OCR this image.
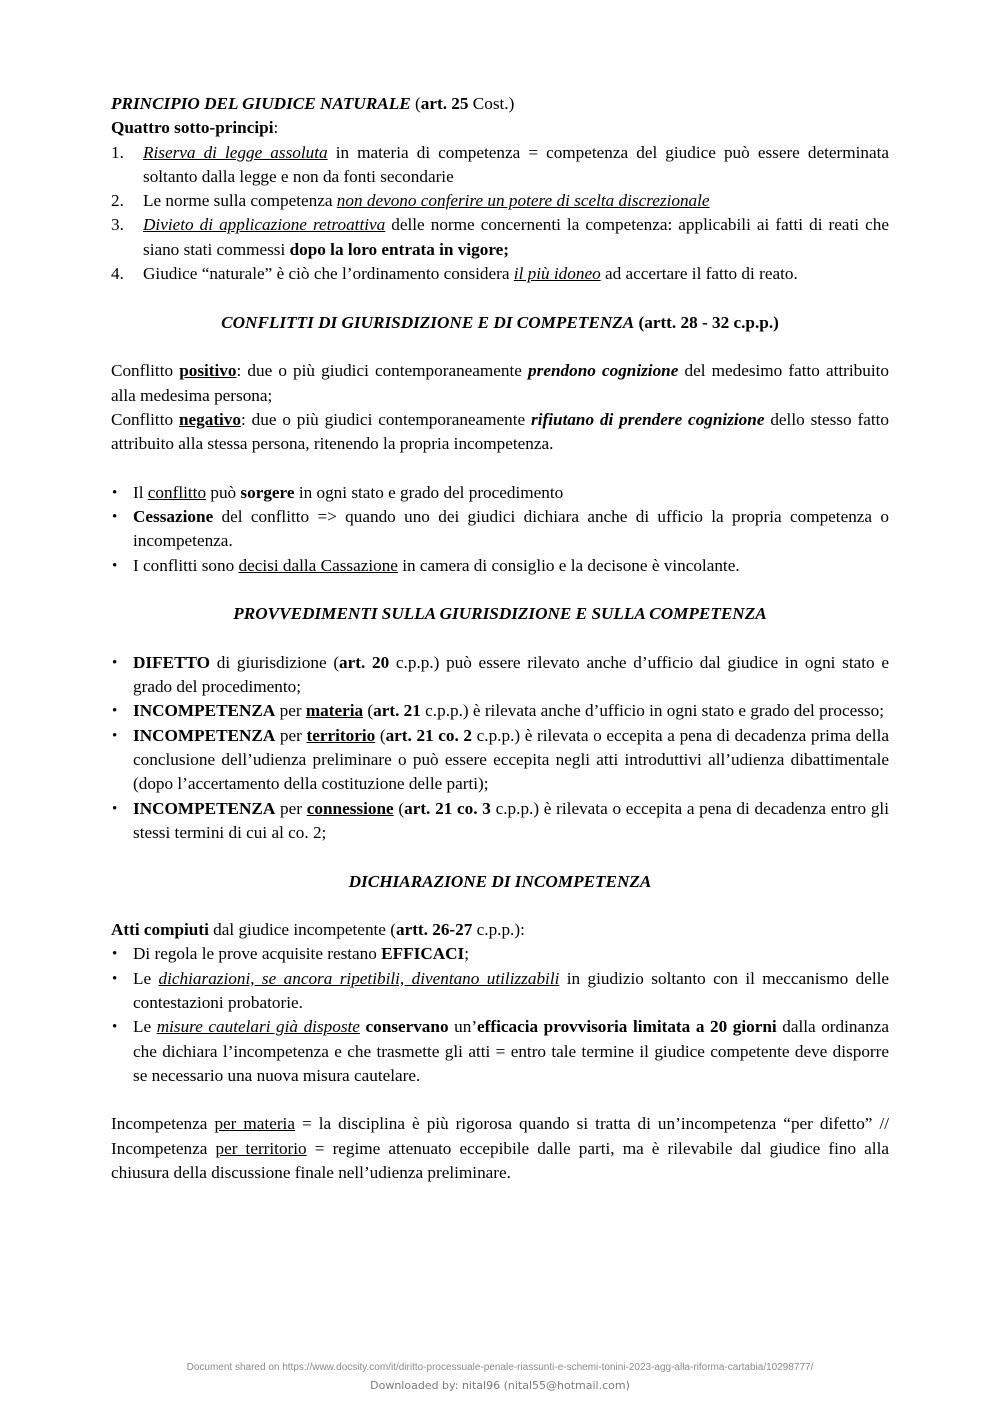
PRINCIPIO DEL GIUDICE NATURALE (art. 25 Cost.)

Quattro sotto-principi:

1. Riserva di legge assoluta in materia di competenza = competenza del giudice può essere determinata soltanto dalla legge e non da fonti secondarie
2. Le norme sulla competenza non devono conferire un potere di scelta discrezionale
3. Divieto di applicazione retroattiva delle norme concernenti la competenza: applicabili ai fatti di reati che siano stati commessi dopo la loro entrata in vigore;
4. Giudice “naturale” è ciò che l’ordinamento considera il più idoneo ad accertare il fatto di reato.

CONFLITTI DI GIURISDIZIONE E DI COMPETENZA (artt. 28 - 32 c.p.p.)

Conflitto positivo: due o più giudici contemporaneamente prendono cognizione del medesimo fatto attribuito alla medesima persona;

Conflitto negativo: due o più giudici contemporaneamente rifiutano di prendere cognizione dello stesso fatto attribuito alla stessa persona, ritenendo la propria incompetenza.

• Il conflitto può sorgere in ogni stato e grado del procedimento
• Cessazione del conflitto => quando uno dei giudici dichiara anche di ufficio la propria competenza o incompetenza.
• I conflitti sono decisi dalla Cassazione in camera di consiglio e la decisone è vincolante.

PROVVEDIMENTI SULLA GIURISDIZIONE E SULLA COMPETENZA

• DIFETTO di giurisdizione (art. 20 c.p.p.) può essere rilevato anche d’ufficio dal giudice in ogni stato e grado del procedimento;
• INCOMPETENZA per materia (art. 21 c.p.p.) è rilevata anche d’ufficio in ogni stato e grado del processo;
• INCOMPETENZA per territorio (art. 21 co. 2 c.p.p.) è rilevata o eccepita a pena di decadenza prima della conclusione dell’udienza preliminare o può essere eccepita negli atti introduttivi all’udienza dibattimentale (dopo l’accertamento della costituzione delle parti);
• INCOMPETENZA per connessione (art. 21 co. 3 c.p.p.) è rilevata o eccepita a pena di decadenza entro gli stessi termini di cui al co. 2;

DICHIARAZIONE DI INCOMPETENZA

Atti compiuti dal giudice incompetente (artt. 26-27 c.p.p.):

• Di regola le prove acquisite restano EFFICACI;
• Le dichiarazioni, se ancora ripetibili, diventano utilizzabili in giudizio soltanto con il meccanismo delle contestazioni probatorie.
• Le misure cautelari già disposte conservano un’efficacia provvisoria limitata a 20 giorni dalla ordinanza che dichiara l’incompetenza e che trasmette gli atti = entro tale termine il giudice competente deve disporre se necessario una nuova misura cautelare.

Incompetenza per materia = la disciplina è più rigorosa quando si tratta di un’incompetenza “per difetto” // Incompetenza per territorio = regime attenuato eccepibile dalle parti, ma è rilevabile dal giudice fino alla chiusura della discussione finale nell’udienza preliminare.

Document shared on https://www.docsity.com/it/diritto-processuale-penale-riassunti-e-schemi-tonini-2023-agg-alla-riforma-cartabia/10298777/
Downloaded by: nital96 (nital55@hotmail.com)
